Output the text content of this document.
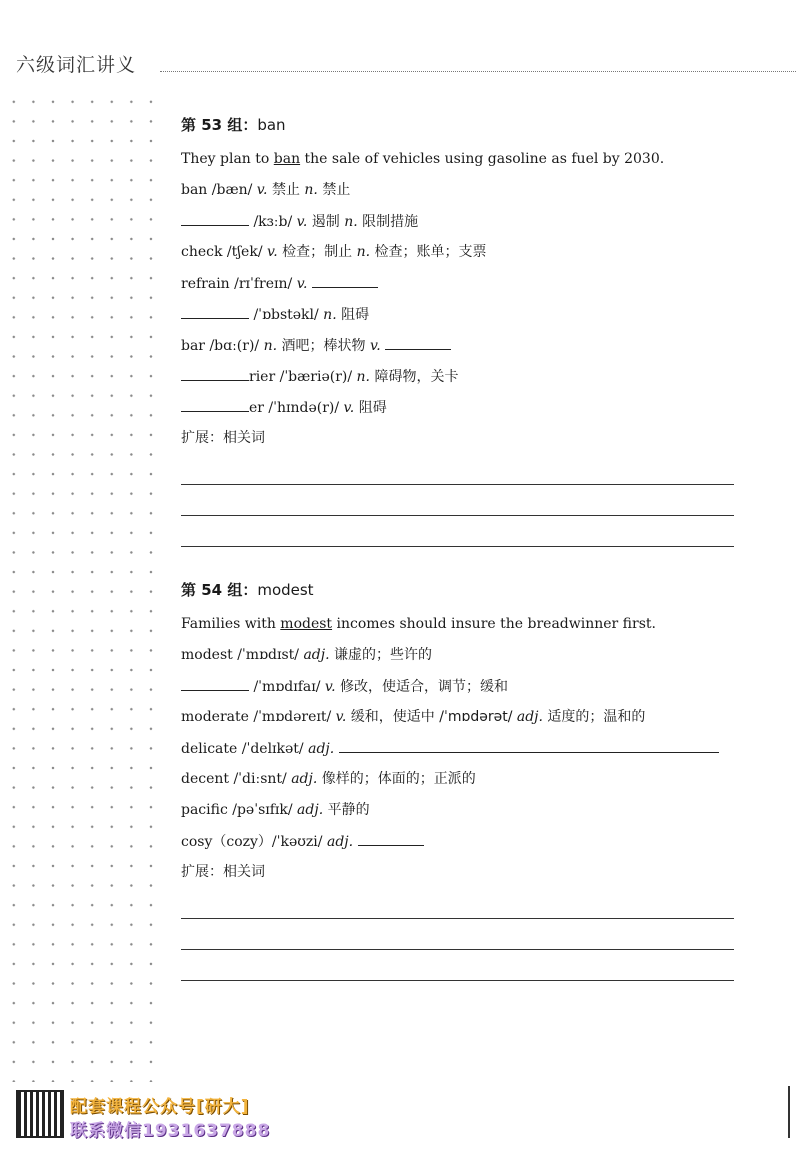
六级词汇讲义
第 53 组：ban
They plan to ban the sale of vehicles using gasoline as fuel by 2030.
ban /bæn/ v. 禁止 n. 禁止
/kɜːb/ v. 遏制 n. 限制措施
check /tʃek/ v. 检查；制止 n. 检查；账单；支票
refrain /rɪˈfreɪn/ v.
/ˈɒbstəkl/ n. 阻碍
bar /bɑː(r)/ n. 酒吧；棒状物 v.
rier /ˈbæriə(r)/ n. 障碍物，关卡
er /ˈhɪndə(r)/ v. 阻碍
扩展：相关词
第 54 组：modest
Families with modest incomes should insure the breadwinner first.
modest /ˈmɒdɪst/ adj. 谦虚的；些许的
/ˈmɒdɪfaɪ/ v. 修改，使适合，调节；缓和
moderate /ˈmɒdəreɪt/ v. 缓和，使适中 /ˈmɒdərət/ adj. 适度的；温和的
delicate /ˈdelɪkət/ adj.
decent /ˈdiːsnt/ adj. 像样的；体面的；正派的
pacific /pəˈsɪfɪk/ adj. 平静的
cosy（cozy）/ˈkəʊzi/ adj.
扩展：相关词
配套课程公众号[研大]
联系微信1931637888
